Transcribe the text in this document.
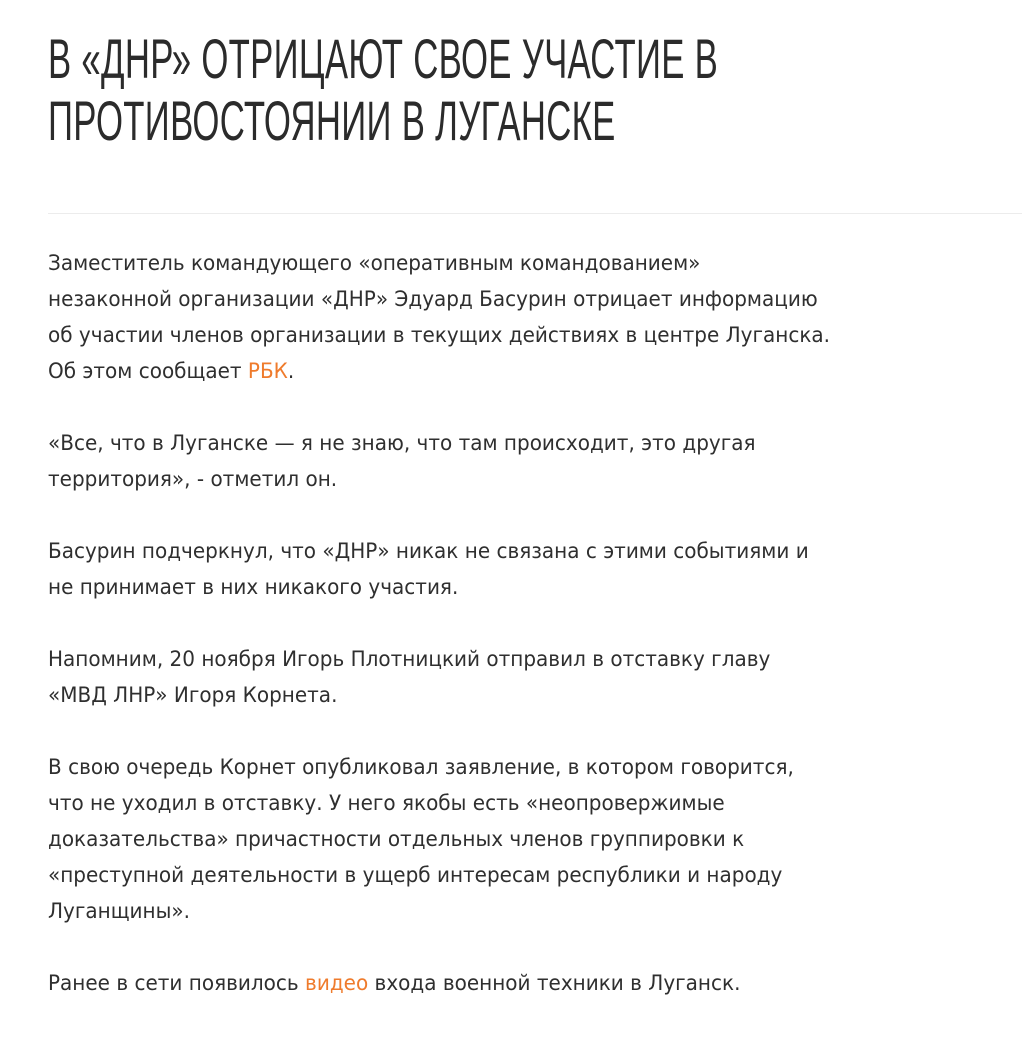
В «ДНР» ОТРИЦАЮТ СВОЕ УЧАСТИЕ В
ПРОТИВОСТОЯНИИ В ЛУГАНСКЕ

Заместитель командующего «оперативным командованием»
незаконной организации «ДНР» Эдуард Басурин отрицает информацию
об участии членов организации в текущих действиях в центре Луганска.
Об этом сообщает РБК.

«Все, что в Луганске — я не знаю, что там происходит, это другая
территория», - отметил он.

Басурин подчеркнул, что «ДНР» никак не связана с этими событиями и
не принимает в них никакого участия.

Напомним, 20 ноября Игорь Плотницкий отправил в отставку главу
«МВД ЛНР» Игоря Корнета.

В свою очередь Корнет опубликовал заявление, в котором говорится,
что не уходил в отставку. У него якобы есть «неопровержимые
доказательства» причастности отдельных членов группировки к
«преступной деятельности в ущерб интересам республики и народу
Луганщины».

Ранее в сети появилось видео входа военной техники в Луганск.
